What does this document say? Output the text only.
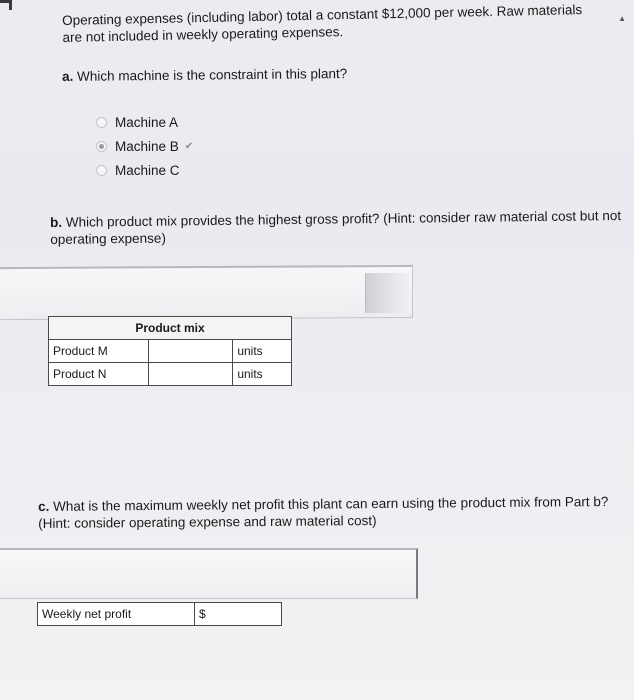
▲
Operating expenses (including labor) total a constant $12,000 per week. Raw materials are not included in weekly operating expenses.
a. Which machine is the constraint in this plant?
Machine A
Machine B ✔
Machine C
b. Which product mix provides the highest gross profit? (Hint: consider raw material cost but not operating expense)
Product mix		
Product M		units
Product N		units
c. What is the maximum weekly net profit this plant can earn using the product mix from Part b? (Hint: consider operating expense and raw material cost)
Weekly net profit	$
